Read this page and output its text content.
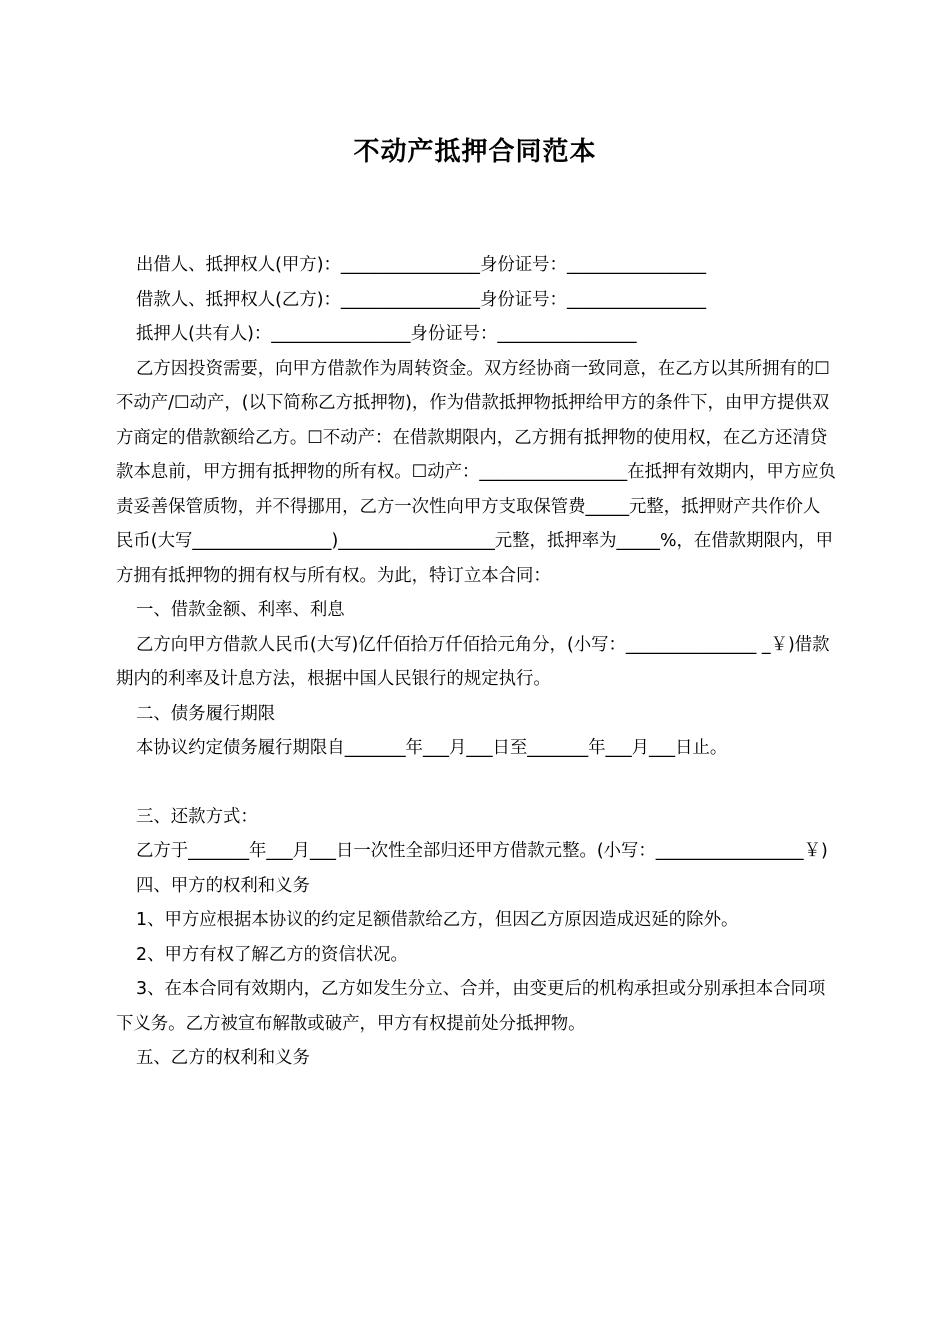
不动产抵押合同范本

出借人、抵押权人(甲方)：________________身份证号：________________

借款人、抵押权人(乙方)：________________身份证号：________________

抵押人(共有人)：________________身份证号：________________

乙方因投资需要，向甲方借款作为周转资金。双方经协商一致同意，在乙方以其所拥有的☐不动产/☐动产，(以下简称乙方抵押物)，作为借款抵押物抵押给甲方的条件下，由甲方提供双方商定的借款额给乙方。☐不动产：在借款期限内，乙方拥有抵押物的使用权，在乙方还清贷款本息前，甲方拥有抵押物的所有权。☐动产：_________________在抵押有效期内，甲方应负责妥善保管质物，并不得挪用，乙方一次性向甲方支取保管费_____元整，抵押财产共作价人民币(大写________________)__________________元整，抵押率为_____%，在借款期限内，甲方拥有抵押物的拥有权与所有权。为此，特订立本合同：

一、借款金额、利率、利息

乙方向甲方借款人民币(大写)亿仟佰拾万仟佰拾元角分，(小写：_______________ _￥)借款期内的利率及计息方法，根据中国人民银行的规定执行。

二、债务履行期限

本协议约定债务履行期限自_______年___月___日至_______年___月___日止。

三、还款方式：

乙方于_______年___月___日一次性全部归还甲方借款元整。(小写：_________________￥)

四、甲方的权利和义务

1、甲方应根据本协议的约定足额借款给乙方，但因乙方原因造成迟延的除外。

2、甲方有权了解乙方的资信状况。

3、在本合同有效期内，乙方如发生分立、合并，由变更后的机构承担或分别承担本合同项下义务。乙方被宣布解散或破产，甲方有权提前处分抵押物。

五、乙方的权利和义务
